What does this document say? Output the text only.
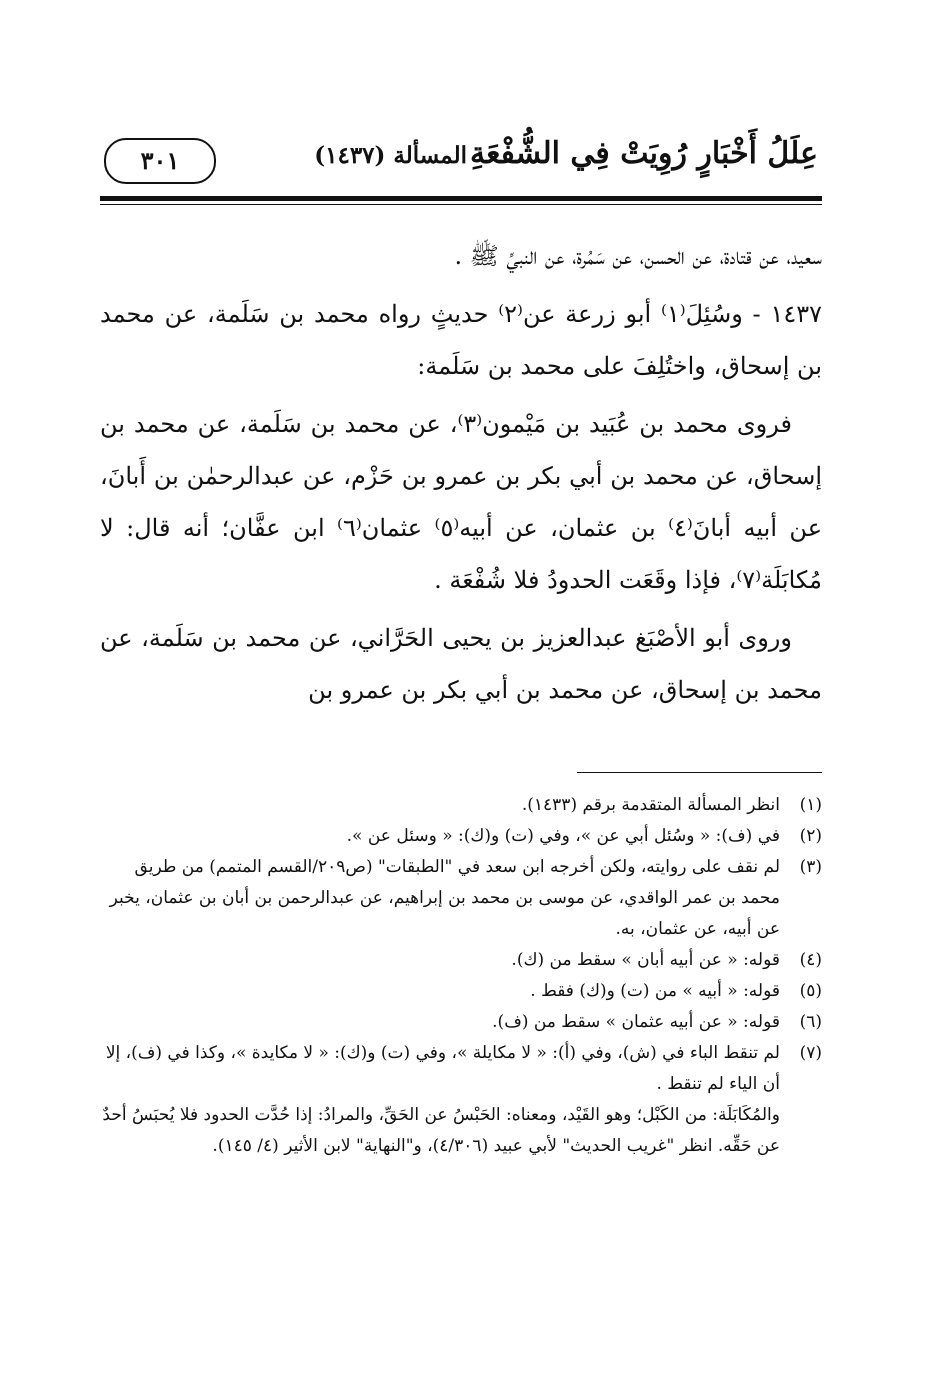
عِلَلُ أَخْبَارٍ رُوِيَتْ فِي الشُّفْعَةِ
المسألة (١٤٣٧)
٣٠١

سعيد، عن قتادة، عن الحسن، عن سَمُرة، عن النبيِّ ﷺ .

١٤٣٧ - وسُئِلَ⁽١⁾ أبو زرعة عن⁽٢⁾ حديثٍ رواه محمد بن سَلَمة، عن محمد بن إسحاق، واختُلِفَ على محمد بن سَلَمة:

فروى محمد بن عُبَيد بن مَيْمون⁽٣⁾، عن محمد بن سَلَمة، عن محمد بن إسحاق، عن محمد بن أبي بكر بن عمرو بن حَزْم، عن عبدالرحمٰن بن أَبانَ، عن أبيه أبانَ⁽٤⁾ بن عثمان، عن أبيه⁽٥⁾ عثمان⁽٦⁾ ابن عفَّان؛ أنه قال: لا مُكابَلَة⁽٧⁾، فإذا وقَعَت الحدودُ فلا شُفْعَة .

وروى أبو الأصْبَغ عبدالعزيز بن يحيى الحَرَّاني، عن محمد بن سَلَمة، عن محمد بن إسحاق، عن محمد بن أبي بكر بن عمرو بن

(١)
انظر المسألة المتقدمة برقم (١٤٣٣).
(٢)
في (ف): « وسُئل أبي عن »، وفي (ت) و(ك): « وسئل عن ».
(٣)
لم نقف على روايته، ولكن أخرجه ابن سعد في "الطبقات" (ص٢٠٩/القسم المتمم) من طريق محمد بن عمر الواقدي، عن موسى بن محمد بن إبراهيم، عن عبدالرحمن بن أبان بن عثمان، يخبر عن أبيه، عن عثمان، به.
(٤)
قوله: « عن أبيه أبان » سقط من (ك).
(٥)
قوله: « أبيه » من (ت) و(ك) فقط .
(٦)
قوله: « عن أبيه عثمان » سقط من (ف).
(٧)
لم تنقط الباء في (ش)، وفي (أ): « لا مكايلة »، وفي (ت) و(ك): « لا مكايدة »، وكذا في (ف)، إلا أن الياء لم تنقط .
والمُكَابَلَة: من الكَبْل؛ وهو القَيْد، ومعناه: الحَبْسُ عن الحَقِّ، والمرادُ: إذا حُدَّت الحدود فلا يُحبَسُ أحدٌ عن حَقِّه. انظر "غريب الحديث" لأبي عبيد (٤/٣٠٦)، و"النهاية" لابن الأثير (٤/ ١٤٥).
